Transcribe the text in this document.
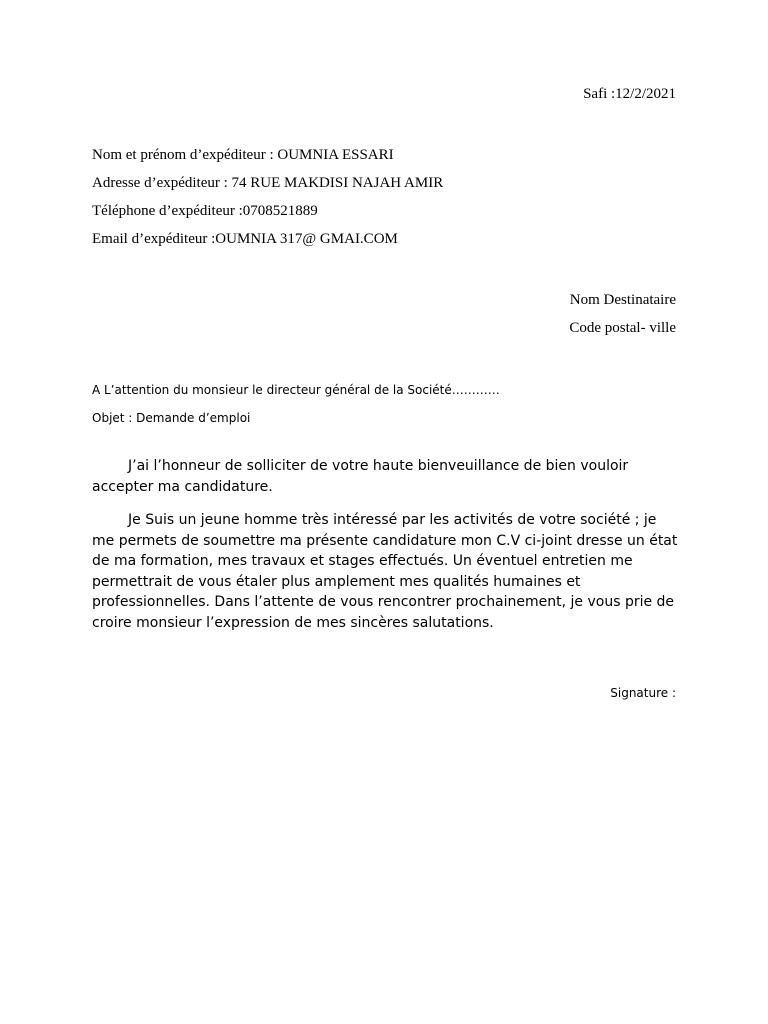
Safi :12/2/2021
Nom et prénom d’expéditeur : OUMNIA ESSARI
Adresse d’expéditeur : 74 RUE MAKDISI NAJAH AMIR
Téléphone d’expéditeur :0708521889
Email d’expéditeur :OUMNIA 317@ GMAI.COM
Nom Destinataire
Code postal- ville
A L’attention du monsieur le directeur général de la Société…………
Objet : Demande d’emploi
J’ai l’honneur de solliciter de votre haute bienveuillance de bien vouloir accepter ma candidature.
Je Suis un jeune homme très intéressé par les activités de votre société ; je me permets de soumettre ma présente candidature mon C.V ci-joint dresse un état de ma formation, mes travaux et stages effectués. Un éventuel entretien me permettrait de vous étaler plus amplement mes qualités humaines et professionnelles. Dans l’attente de vous rencontrer prochainement, je vous prie de croire monsieur l’expression de mes sincères salutations.
Signature :
